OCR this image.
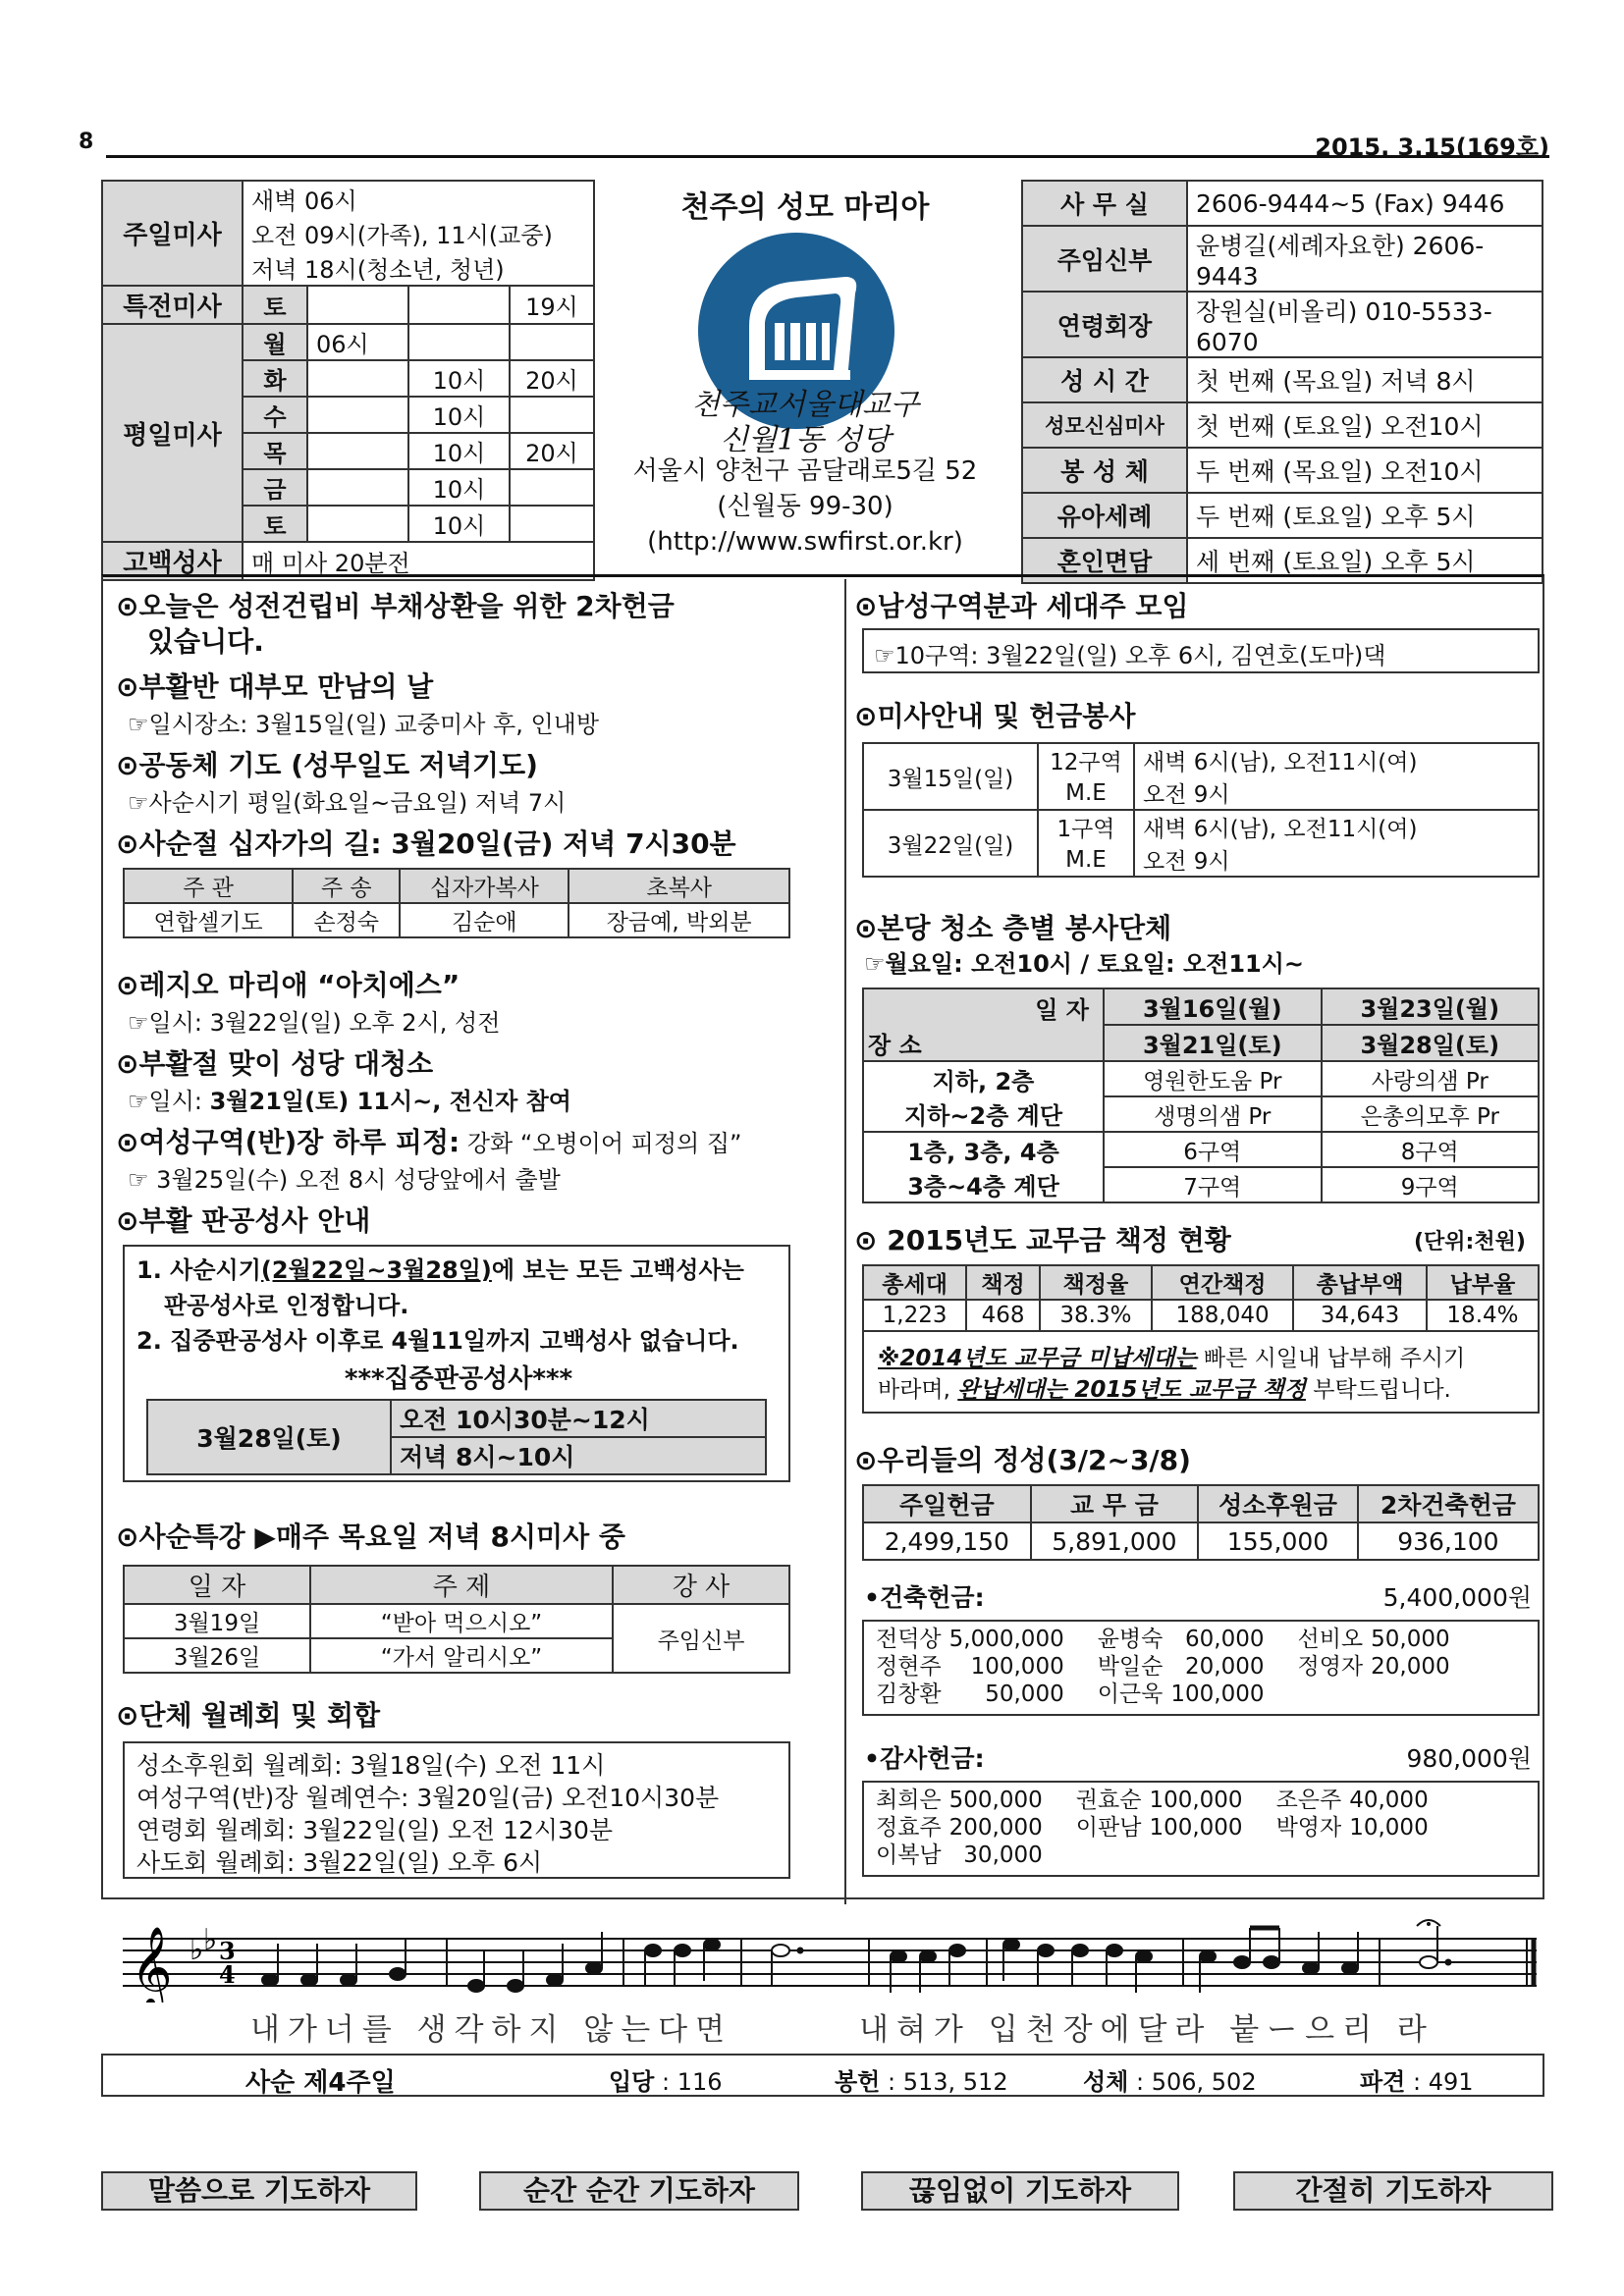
8	2015. 3.15(169호)
주일미사	새벽 06시			
	오전 09시(가족), 11시(교중)			
	저녁 18시(청소년, 청년)			
특전미사	토			19시
평일미사	월	06시		
	화		10시	20시
	수		10시	
	목		10시	20시
	금		10시	
	토		10시	
고백성사	매 미사 20분전			
천주의 성모 마리아
천주교서울대교구
신월1동 성당
서울시 양천구 곰달래로5길 52
(신월동 99-30)
(http://www.swfirst.or.kr)
사 무 실	2606-9444~5 (Fax) 9446
주임신부	윤병길(세례자요한) 2606-9443
연령회장	장원실(비올리) 010-5533-6070
성 시 간	첫 번째 (목요일) 저녁 8시
성모신심미사	첫 번째 (토요일) 오전10시
봉 성 체	두 번째 (목요일) 오전10시
유아세례	두 번째 (토요일) 오후 5시
혼인면담	세 번째 (토요일) 오후 5시
⊙오늘은 성전건립비 부채상환을 위한 2차헌금
있습니다.
⊙부활반 대부모 만남의 날
☞일시장소: 3월15일(일) 교중미사 후, 인내방
⊙공동체 기도 (성무일도 저녁기도)
☞사순시기 평일(화요일~금요일) 저녁 7시
⊙사순절 십자가의 길: 3월20일(금) 저녁 7시30분
주 관	주 송	십자가복사	초복사
연합셀기도	손정숙	김순애	장금예, 박외분
⊙레지오 마리애 “아치에스”
☞일시: 3월22일(일) 오후 2시, 성전
⊙부활절 맞이 성당 대청소
☞일시: 3월21일(토) 11시~, 전신자 참여
⊙여성구역(반)장 하루 피정: 강화 “오병이어 피정의 집”
☞ 3월25일(수) 오전 8시 성당앞에서 출발
⊙부활 판공성사 안내
1. 사순시기(2월22일~3월28일)에 보는 모든 고백성사는
판공성사로 인정합니다.
2. 집중판공성사 이후로 4월11일까지 고백성사 없습니다.
***집중판공성사***
3월28일(토)	오전 10시30분~12시
저녁 8시~10시
⊙사순특강 ▶매주 목요일 저녁 8시미사 중
일 자	주 제	강 사
3월19일	“받아 먹으시오”	주임신부
3월26일	“가서 알리시오”	
⊙단체 월례회 및 회합
성소후원회 월례회: 3월18일(수) 오전 11시
여성구역(반)장 월례연수: 3월20일(금) 오전10시30분
연령회 월례회: 3월22일(일) 오전 12시30분
사도회 월례회: 3월22일(일) 오후 6시
⊙남성구역분과 세대주 모임
☞10구역: 3월22일(일) 오후 6시, 김연호(도마)댁
⊙미사안내 및 헌금봉사
3월15일(일)	12구역	새벽 6시(남), 오전11시(여)
	M.E	오전 9시
3월22일(일)	1구역	새벽 6시(남), 오전11시(여)
	M.E	오전 9시
⊙본당 청소 층별 봉사단체
☞월요일: 오전10시 / 토요일: 오전11시~
일 자	3월16일(월)	3월23일(월)
장 소	3월21일(토)	3월28일(토)
지하, 2층	영원한도움 Pr	사랑의샘 Pr
지하~2층 계단	생명의샘 Pr	은총의모후 Pr
1층, 3층, 4층	6구역	8구역
3층~4층 계단	7구역	9구역
⊙ 2015년도 교무금 책정 현황	(단위:천원)
총세대	책정	책정율	연간책정	총납부액	납부율
1,223	468	38.3%	188,040	34,643	18.4%
※2014년도 교무금 미납세대는 빠른 시일내 납부해 주시기
바라며, 완납세대는 2015년도 교무금 책정 부탁드립니다.
⊙우리들의 정성(3/2~3/8)
주일헌금	교 무 금	성소후원금	2차건축헌금
2,499,150	5,891,000	155,000	936,100
•건축헌금:	5,400,000원
전덕상	5,000,000	윤병숙	60,000	선비오	50,000
정현주	100,000	박일순	20,000	정영자	20,000
김창환	50,000	이근욱	100,000		
•감사헌금:	980,000원
최희은	500,000	권효순	100,000	조은주	40,000
정효주	200,000	이판남	100,000	박영자	10,000
이복남	30,000				
𝄞 ♭ ♭ 3
4
내가너를 생각하지 않는다면	내혀가 입천장에달라 붙ー으리 라
사순 제4주일	입당 : 116	봉헌 : 513, 512	성체 : 506, 502	파견 : 491
말씀으로 기도하자	순간 순간 기도하자	끊임없이 기도하자	간절히 기도하자
